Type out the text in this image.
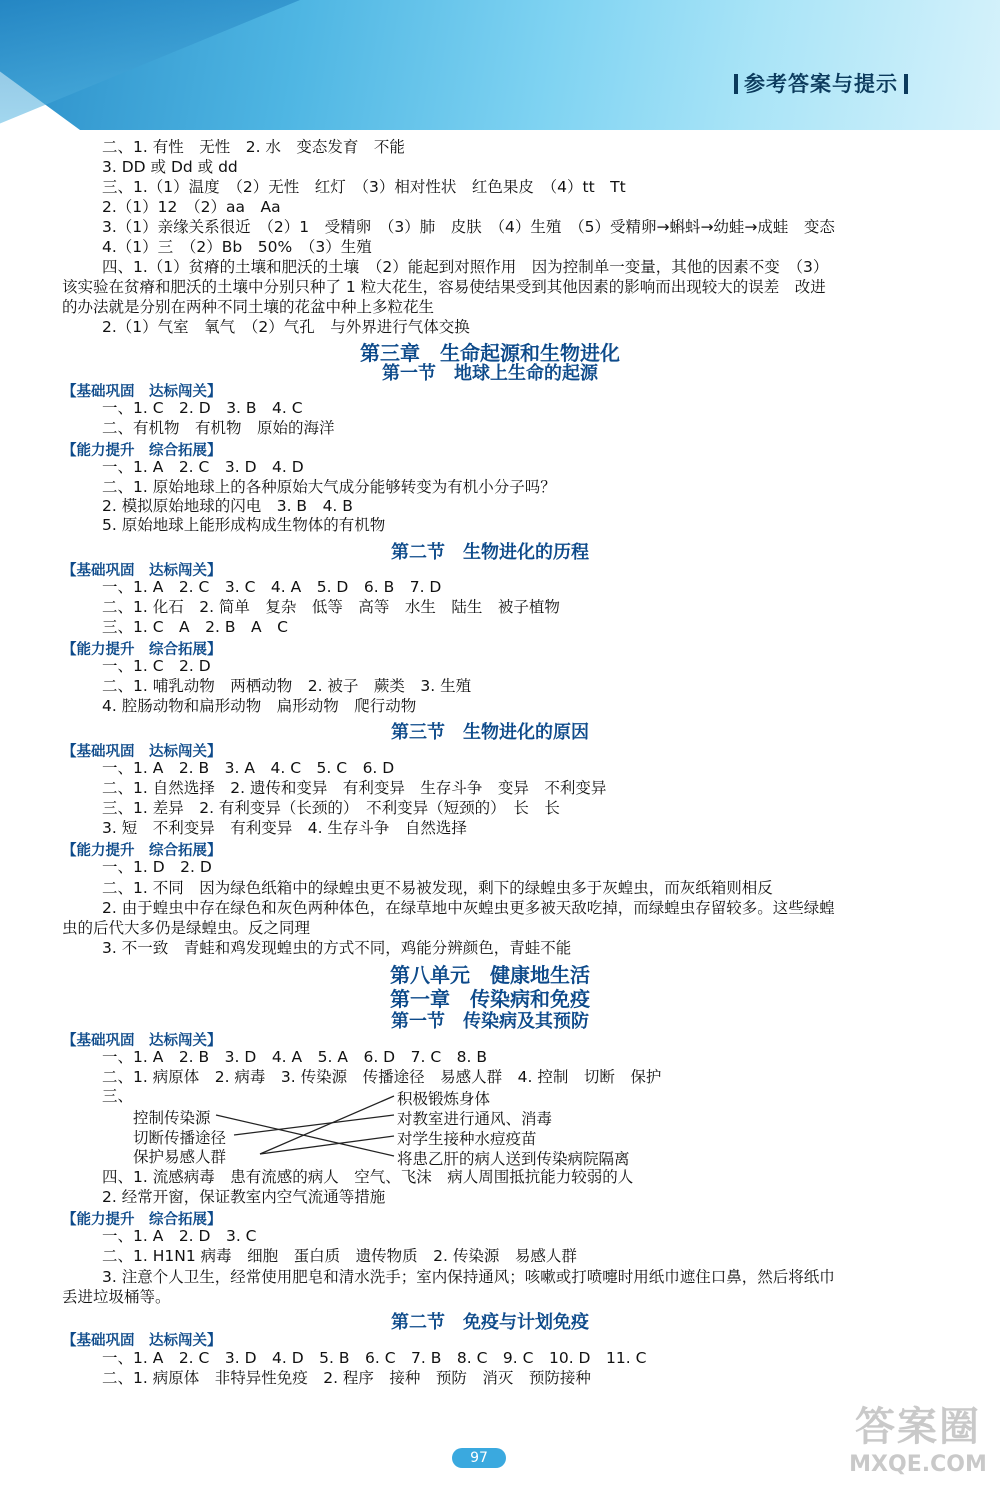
参考答案与提示
二、1. 有性　无性　2. 水　变态发育　不能
3. DD 或 Dd 或 dd
三、1.（1）温度　（2）无性　红灯　（3）相对性状　红色果皮　（4）tt　Tt
2.（1）12　（2）aa　Aa
3.（1）亲缘关系很近　（2）1　受精卵　（3）肺　皮肤　（4）生殖　（5）受精卵→蝌蚪→幼蛙→成蛙　变态
4.（1）三　（2）Bb　50%　（3）生殖
四、1.（1）贫瘠的土壤和肥沃的土壤　（2）能起到对照作用　因为控制单一变量，其他的因素不变　（3）
该实验在贫瘠和肥沃的土壤中分别只种了 1 粒大花生，容易使结果受到其他因素的影响而出现较大的误差　改进
的办法就是分别在两种不同土壤的花盆中种上多粒花生
2.（1）气室　氧气　（2）气孔　与外界进行气体交换
第三章　生命起源和生物进化
第一节　地球上生命的起源
【基础巩固　达标闯关】
一、1. C　2. D　3. B　4. C
二、有机物　有机物　原始的海洋
【能力提升　综合拓展】
一、1. A　2. C　3. D　4. D
二、1. 原始地球上的各种原始大气成分能够转变为有机小分子吗？
2. 模拟原始地球的闪电　3. B　4. B
5. 原始地球上能形成构成生物体的有机物
第二节　生物进化的历程
【基础巩固　达标闯关】
一、1. A　2. C　3. C　4. A　5. D　6. B　7. D
二、1. 化石　2. 简单　复杂　低等　高等　水生　陆生　被子植物
三、1. C　A　2. B　A　C
【能力提升　综合拓展】
一、1. C　2. D
二、1. 哺乳动物　两栖动物　2. 被子　蕨类　3. 生殖
4. 腔肠动物和扁形动物　扁形动物　爬行动物
第三节　生物进化的原因
【基础巩固　达标闯关】
一、1. A　2. B　3. A　4. C　5. C　6. D
二、1. 自然选择　2. 遗传和变异　有利变异　生存斗争　变异　不利变异
三、1. 差异　2. 有利变异（长颈的）　不利变异（短颈的）　长　长
3. 短　不利变异　有利变异　4. 生存斗争　自然选择
【能力提升　综合拓展】
一、1. D　2. D
二、1. 不同　因为绿色纸箱中的绿蝗虫更不易被发现，剩下的绿蝗虫多于灰蝗虫，而灰纸箱则相反
2. 由于蝗虫中存在绿色和灰色两种体色，在绿草地中灰蝗虫更多被天敌吃掉，而绿蝗虫存留较多。这些绿蝗
虫的后代大多仍是绿蝗虫。反之同理
3. 不一致　青蛙和鸡发现蝗虫的方式不同，鸡能分辨颜色，青蛙不能
第八单元　健康地生活
第一章　传染病和免疫
第一节　传染病及其预防
【基础巩固　达标闯关】
一、1. A　2. B　3. D　4. A　5. A　6. D　7. C　8. B
二、1. 病原体　2. 病毒　3. 传染源　传播途径　易感人群　4. 控制　切断　保护
三、
四、1. 流感病毒　患有流感的病人　空气、飞沫　病人周围抵抗能力较弱的人
2. 经常开窗，保证教室内空气流通等措施
【能力提升　综合拓展】
一、1. A　2. D　3. C
二、1. H1N1 病毒　细胞　蛋白质　遗传物质　2. 传染源　易感人群
3. 注意个人卫生，经常使用肥皂和清水洗手；室内保持通风；咳嗽或打喷嚏时用纸巾遮住口鼻，然后将纸巾
丢进垃圾桶等。
第二节　免疫与计划免疫
【基础巩固　达标闯关】
一、1. A　2. C　3. D　4. D　5. B　6. C　7. B　8. C　9. C　10. D　11. C
二、1. 病原体　非特异性免疫　2. 程序　接种　预防　消灭　预防接种
控制传染源
切断传播途径
保护易感人群
积极锻炼身体
对教室进行通风、消毒
对学生接种水痘疫苗
将患乙肝的病人送到传染病院隔离
97
答案圈
MXQE.COM
